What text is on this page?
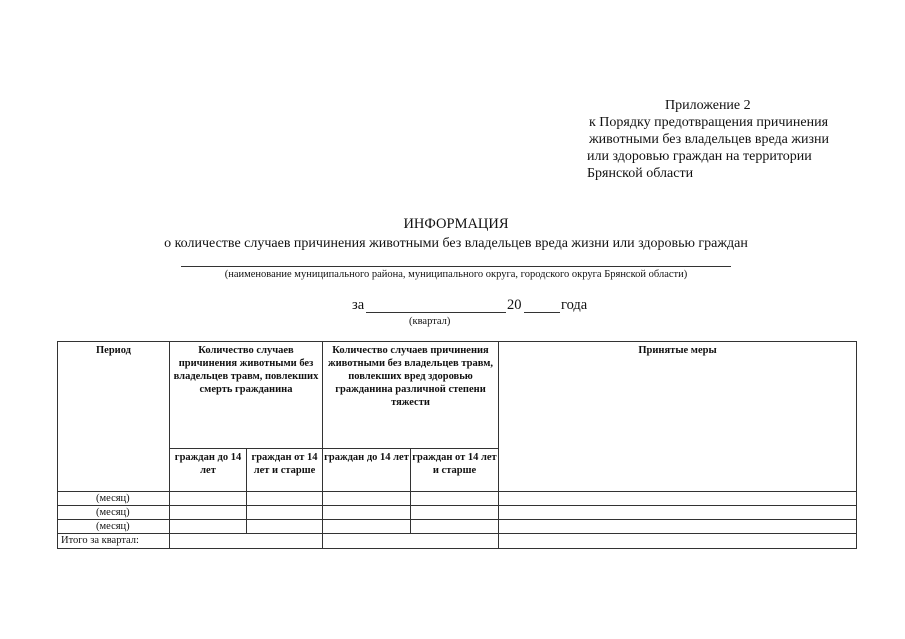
Приложение 2
к Порядку предотвращения причинения
животными без владельцев вреда жизни
или здоровью граждан на территории
Брянской области
ИНФОРМАЦИЯ
о количестве случаев причинения животными без владельцев вреда жизни или здоровью граждан
(наименование муниципального района, муниципального округа, городского округа Брянской области)
за	20	года
(квартал)
Период	Количество случаев причинения животными без владельцев травм, повлекших смерть гражданина		Количество случаев причинения животными без владельцев травм, повлекших вред здоровью гражданина различной степени тяжести		Принятые меры
	граждан до 14 лет	граждан от 14 лет и старше	граждан до 14 лет	граждан от 14 лет и старше	
(месяц)					
(месяц)					
(месяц)					
Итого за квартал:					
